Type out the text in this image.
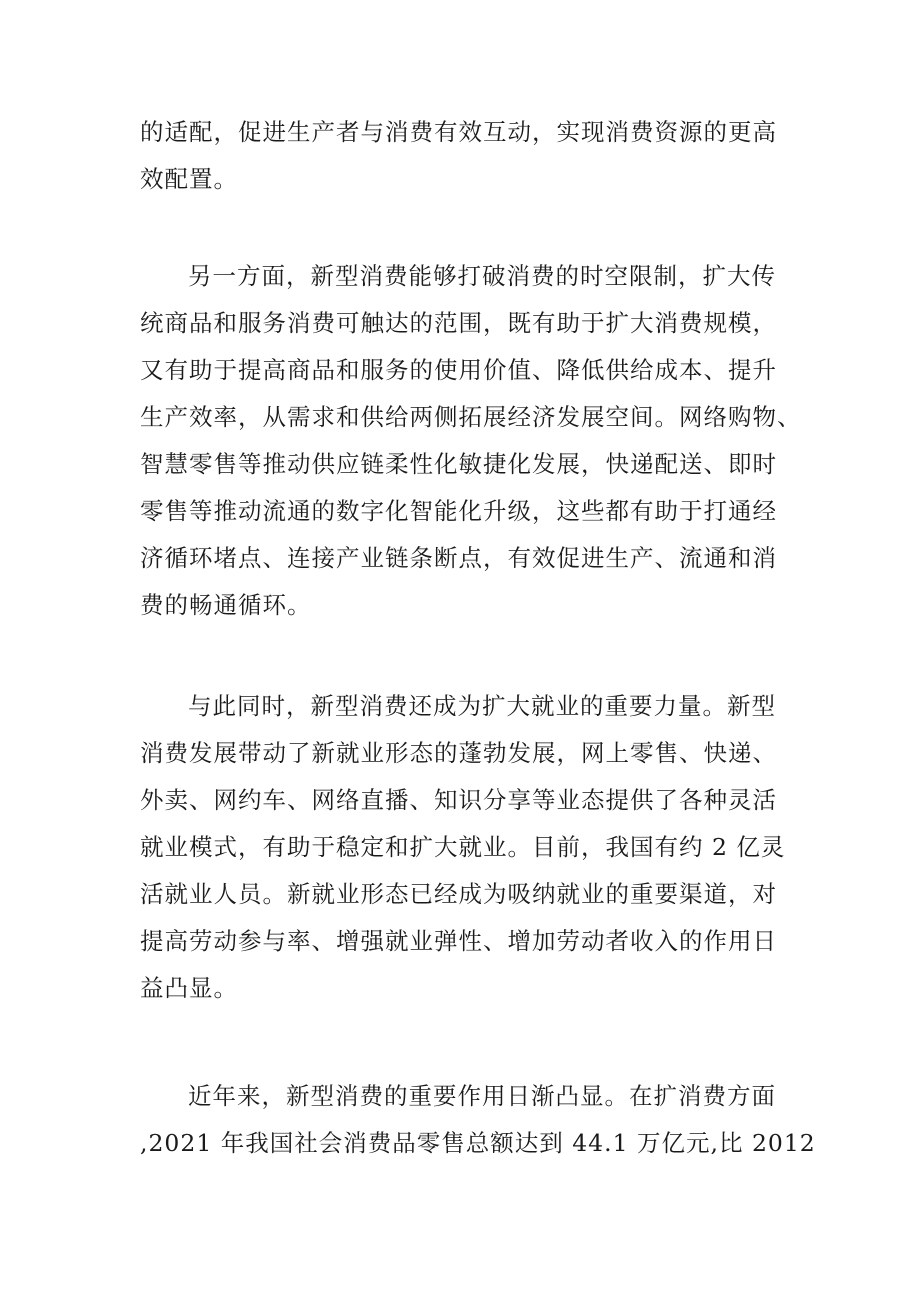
的适配，促进生产者与消费有效互动，实现消费资源的更高
效配置。
另一方面，新型消费能够打破消费的时空限制，扩大传
统商品和服务消费可触达的范围，既有助于扩大消费规模，
又有助于提高商品和服务的使用价值、降低供给成本、提升
生产效率，从需求和供给两侧拓展经济发展空间。网络购物、
智慧零售等推动供应链柔性化敏捷化发展，快递配送、即时
零售等推动流通的数字化智能化升级，这些都有助于打通经
济循环堵点、连接产业链条断点，有效促进生产、流通和消
费的畅通循环。
与此同时，新型消费还成为扩大就业的重要力量。新型
消费发展带动了新就业形态的蓬勃发展，网上零售、快递、
外卖、网约车、网络直播、知识分享等业态提供了各种灵活
就业模式，有助于稳定和扩大就业。目前，我国有约 2 亿灵
活就业人员。新就业形态已经成为吸纳就业的重要渠道，对
提高劳动参与率、增强就业弹性、增加劳动者收入的作用日
益凸显。
近年来，新型消费的重要作用日渐凸显。在扩消费方面
,2021 年我国社会消费品零售总额达到 44.1 万亿元,比 2012
